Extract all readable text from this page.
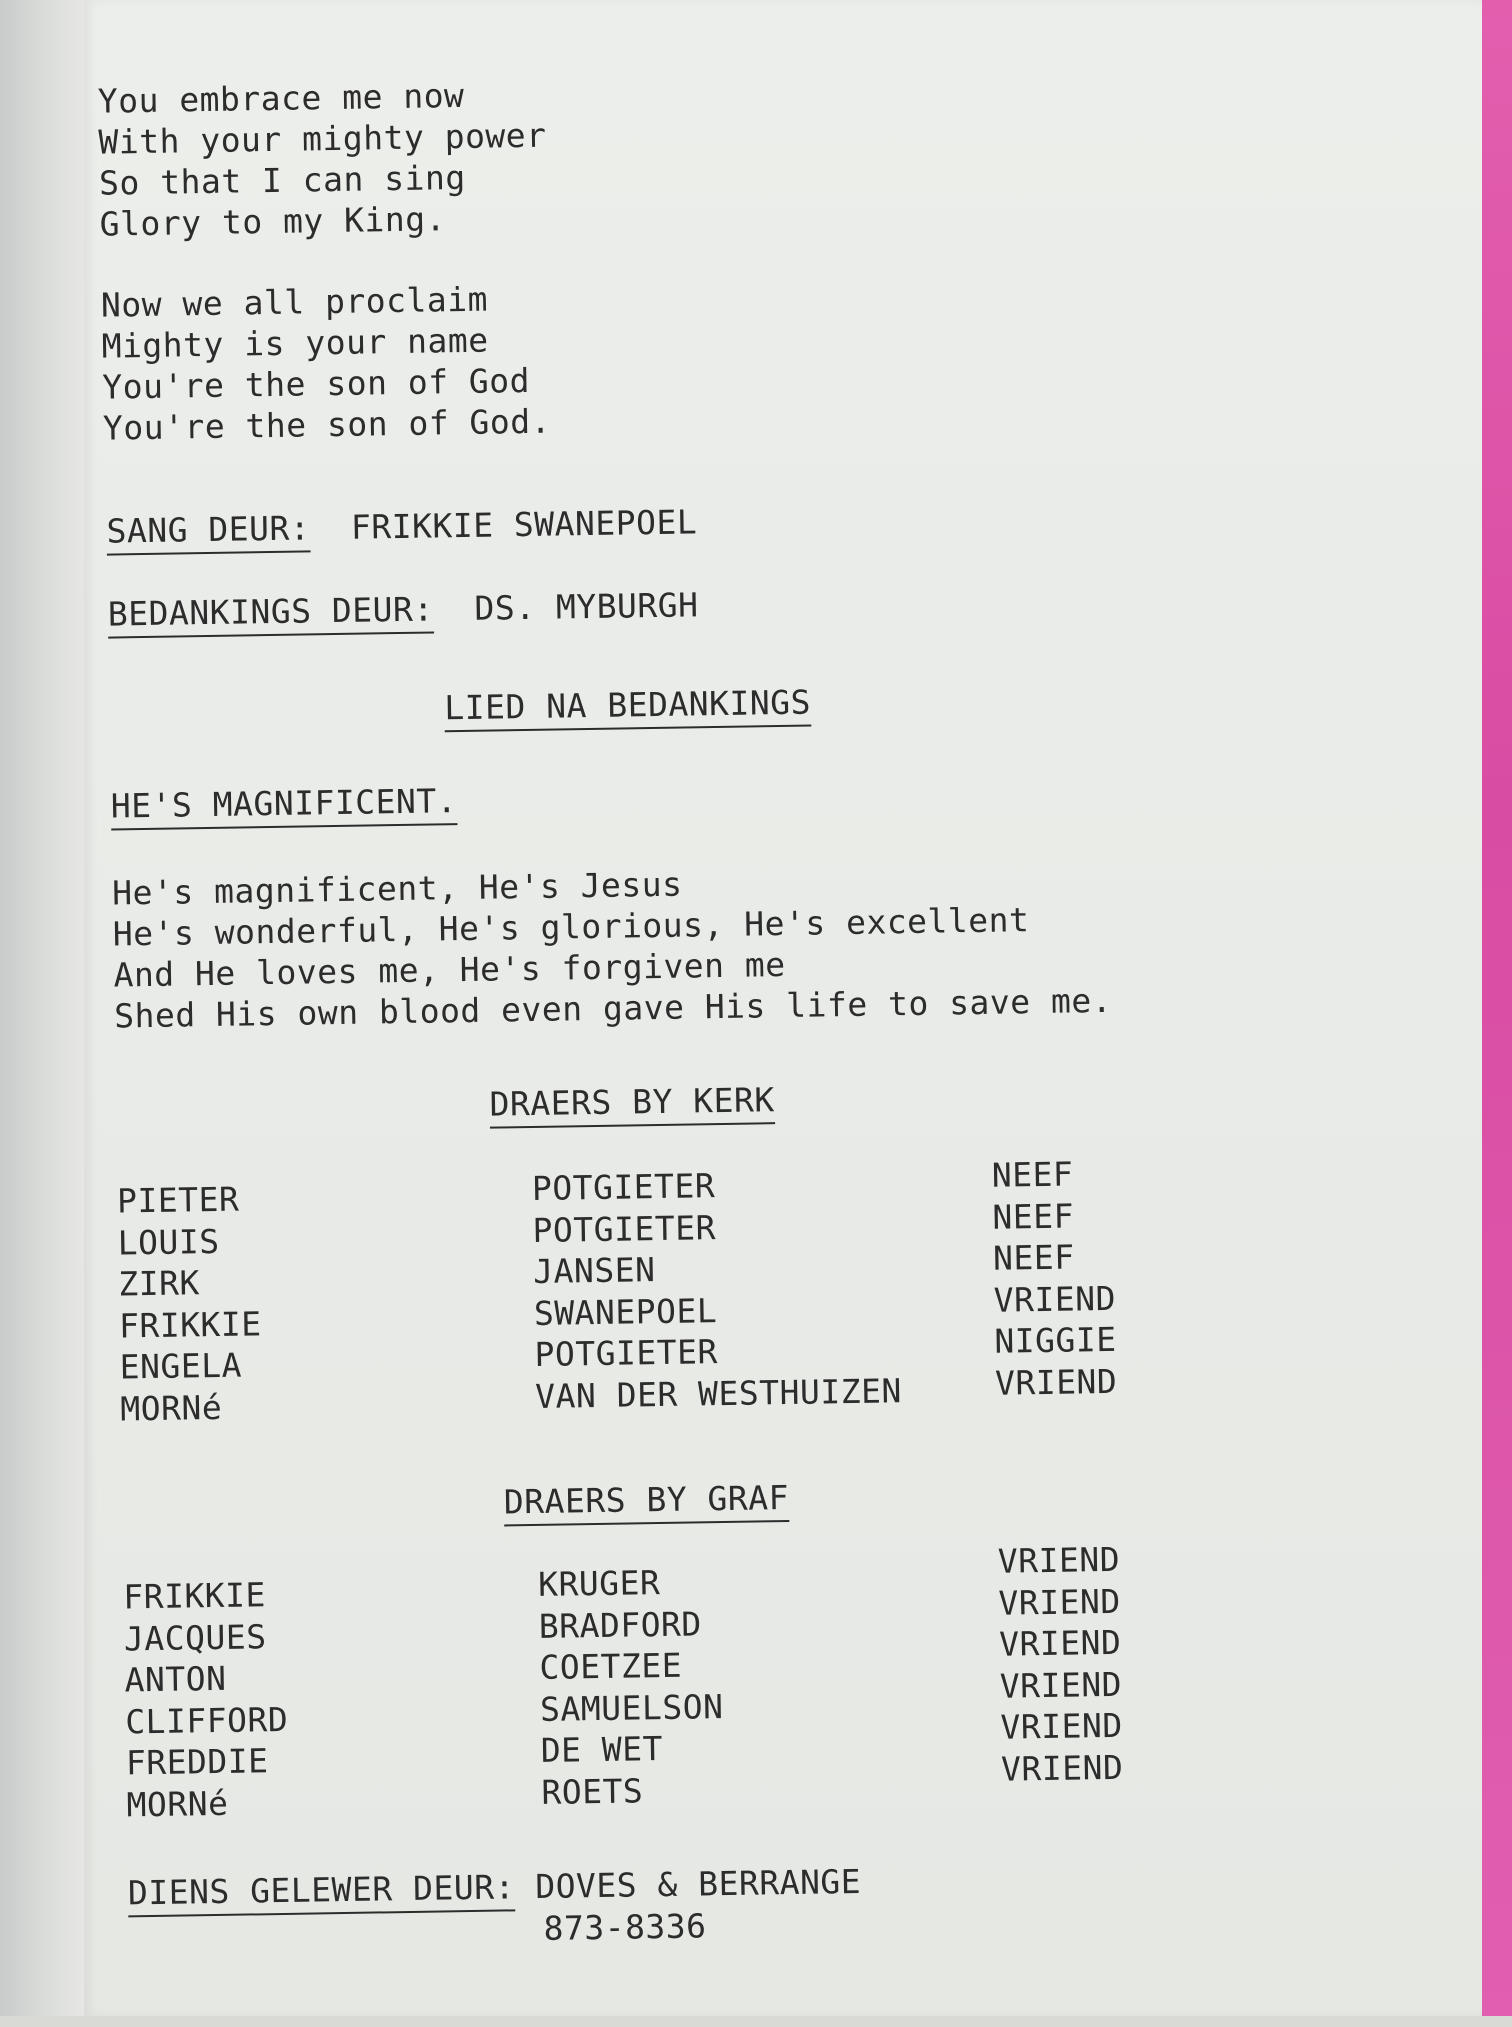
You embrace me now
With your mighty power
So that I can sing
Glory to my King.
Now we all proclaim
Mighty is your name
You're the son of God
You're the son of God.
SANG DEUR: FRIKKIE SWANEPOEL
BEDANKINGS DEUR: DS. MYBURGH
LIED NA BEDANKINGS
HE'S MAGNIFICENT.
He's magnificent, He's Jesus
He's wonderful, He's glorious, He's excellent
And He loves me, He's forgiven me
Shed His own blood even gave His life to save me.
DRAERS BY KERK
PIETER
LOUIS
ZIRK
FRIKKIE
ENGELA
MORNé
POTGIETER
POTGIETER
JANSEN
SWANEPOEL
POTGIETER
VAN DER WESTHUIZEN
NEEF
NEEF
NEEF
VRIEND
NIGGIE
VRIEND
DRAERS BY GRAF
FRIKKIE
JACQUES
ANTON
CLIFFORD
FREDDIE
MORNé
KRUGER
BRADFORD
COETZEE
SAMUELSON
DE WET
ROETS
VRIEND
VRIEND
VRIEND
VRIEND
VRIEND
VRIEND
DIENS GELEWER DEUR: DOVES & BERRANGE
873-8336
